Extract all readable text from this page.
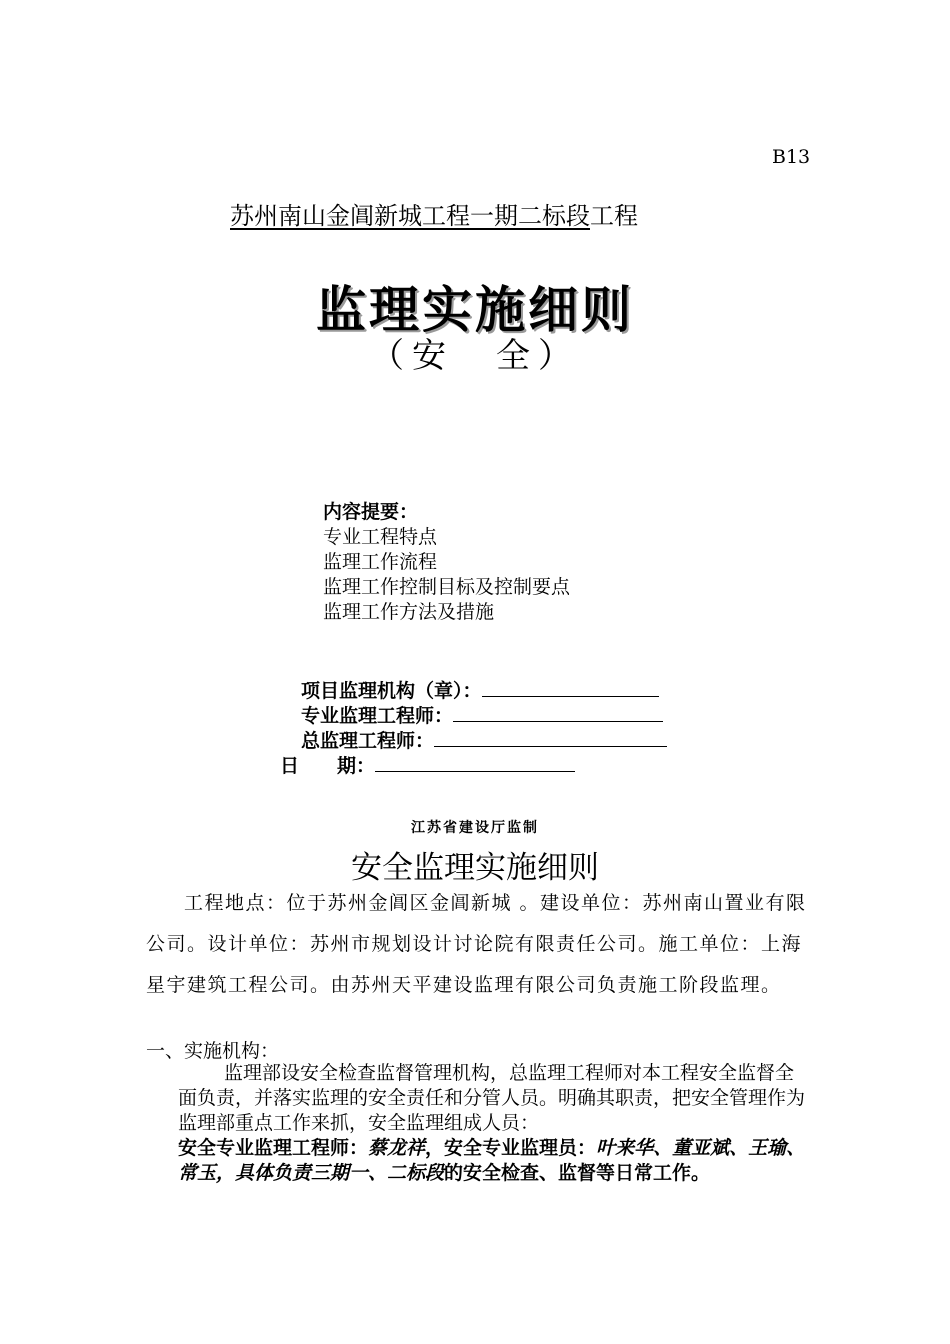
B13
苏州南山金阊新城工程一期二标段工程
监理实施细则
（安　全）
内容提要：
专业工程特点
监理工作流程
监理工作控制目标及控制要点
监理工作方法及措施
项目监理机构（章）：
专业监理工程师：
总监理工程师：
日　　期：
江苏省建设厅监制
安全监理实施细则

工程地点：位于苏州金阊区金阊新城 。建设单位：苏州南山置业有限公司。设计单位：苏州市规划设计讨论院有限责任公司。施工单位：上海星宇建筑工程公司。由苏州天平建设监理有限公司负责施工阶段监理。

一、实施机构：

监理部设安全检查监督管理机构，总监理工程师对本工程安全监督全面负责，并落实监理的安全责任和分管人员。明确其职责，把安全管理作为监理部重点工作来抓，安全监理组成人员：

安全专业监理工程师：蔡龙祥，安全专业监理员：叶来华、董亚斌、王瑜、常玉，具体负责三期一、二标段的安全检查、监督等日常工作。
